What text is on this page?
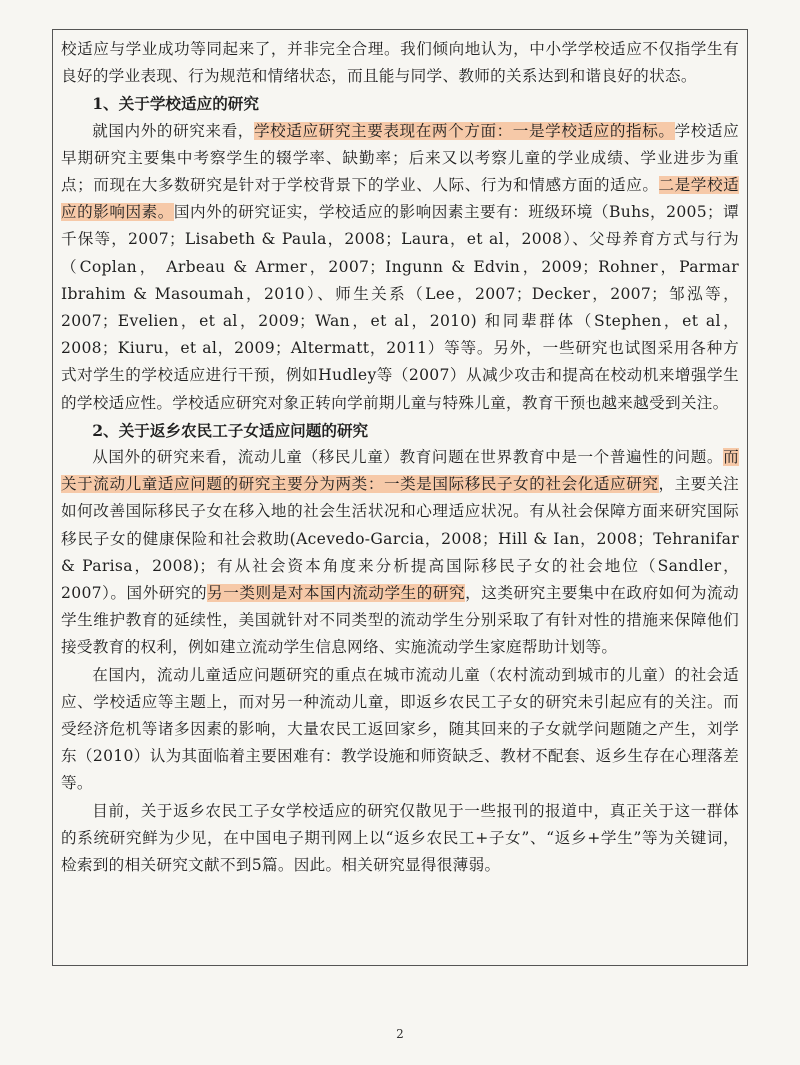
校适应与学业成功等同起来了，并非完全合理。我们倾向地认为，中小学学校适应不仅指学生有良好的学业表现、行为规范和情绪状态，而且能与同学、教师的关系达到和谐良好的状态。

1、关于学校适应的研究

就国内外的研究来看，学校适应研究主要表现在两个方面：一是学校适应的指标。学校适应早期研究主要集中考察学生的辍学率、缺勤率；后来又以考察儿童的学业成绩、学业进步为重点；而现在大多数研究是针对于学校背景下的学业、人际、行为和情感方面的适应。二是学校适应的影响因素。国内外的研究证实，学校适应的影响因素主要有：班级环境（Buhs，2005；谭千保等，2007；Lisabeth & Paula，2008；Laura，et al，2008）、父母养育方式与行为（Coplan， Arbeau & Armer，2007；Ingunn & Edvin，2009；Rohner，Parmar Ibrahim & Masoumah，2010）、师生关系（Lee，2007；Decker，2007；邹泓等，2007；Evelien，et al，2009；Wan，et al，2010) 和同辈群体（Stephen，et al，2008；Kiuru，et al，2009；Altermatt，2011）等等。另外，一些研究也试图采用各种方式对学生的学校适应进行干预，例如Hudley等（2007）从减少攻击和提高在校动机来增强学生的学校适应性。学校适应研究对象正转向学前期儿童与特殊儿童，教育干预也越来越受到关注。

2、关于返乡农民工子女适应问题的研究

从国外的研究来看，流动儿童（移民儿童）教育问题在世界教育中是一个普遍性的问题。而关于流动儿童适应问题的研究主要分为两类：一类是国际移民子女的社会化适应研究，主要关注如何改善国际移民子女在移入地的社会生活状况和心理适应状况。有从社会保障方面来研究国际移民子女的健康保险和社会救助(Acevedo-Garcia，2008；Hill & Ian，2008；Tehranifar & Parisa，2008)；有从社会资本角度来分析提高国际移民子女的社会地位（Sandler，2007）。国外研究的另一类则是对本国内流动学生的研究，这类研究主要集中在政府如何为流动学生维护教育的延续性，美国就针对不同类型的流动学生分别采取了有针对性的措施来保障他们接受教育的权利，例如建立流动学生信息网络、实施流动学生家庭帮助计划等。

在国内，流动儿童适应问题研究的重点在城市流动儿童（农村流动到城市的儿童）的社会适应、学校适应等主题上，而对另一种流动儿童，即返乡农民工子女的研究未引起应有的关注。而受经济危机等诸多因素的影响，大量农民工返回家乡，随其回来的子女就学问题随之产生，刘学东（2010）认为其面临着主要困难有：教学设施和师资缺乏、教材不配套、返乡生存在心理落差等。

目前，关于返乡农民工子女学校适应的研究仅散见于一些报刊的报道中，真正关于这一群体的系统研究鲜为少见，在中国电子期刊网上以“返乡农民工+子女”、“返乡+学生”等为关键词，检索到的相关研究文献不到5篇。因此。相关研究显得很薄弱。

2
